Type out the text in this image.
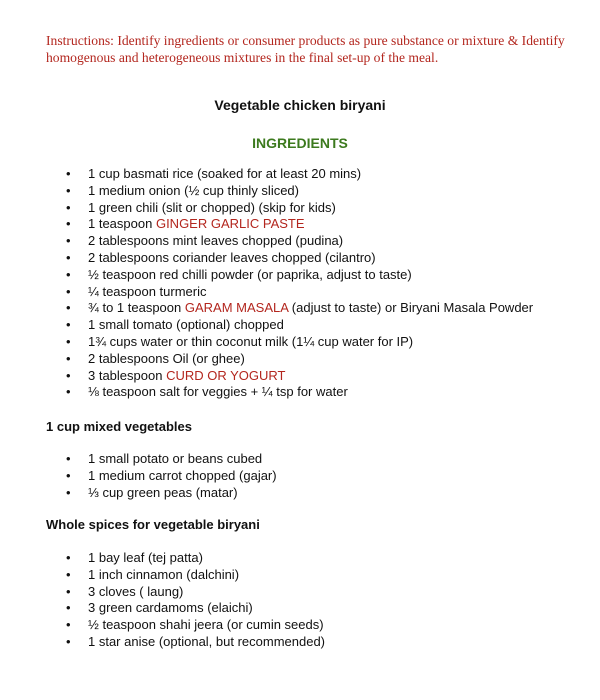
Instructions: Identify ingredients or consumer products as pure substance or mixture & Identify homogenous and heterogeneous mixtures in the final set-up of the meal.
Vegetable chicken biryani
INGREDIENTS
• 1 cup basmati rice (soaked for at least 20 mins)
• 1 medium onion (½ cup thinly sliced)
• 1 green chili (slit or chopped) (skip for kids)
• 1 teaspoon GINGER GARLIC PASTE
• 2 tablespoons mint leaves chopped (pudina)
• 2 tablespoons coriander leaves chopped (cilantro)
• ½ teaspoon red chilli powder (or paprika, adjust to taste)
• ¼ teaspoon turmeric
• ¾ to 1 teaspoon GARAM MASALA (adjust to taste) or Biryani Masala Powder
• 1 small tomato (optional) chopped
• 1¾ cups water or thin coconut milk (1¼ cup water for IP)
• 2 tablespoons Oil (or ghee)
• 3 tablespoon CURD OR YOGURT
• ⅛ teaspoon salt for veggies + ¼ tsp for water
1 cup mixed vegetables
• 1 small potato or beans cubed
• 1 medium carrot chopped (gajar)
• ⅓ cup green peas (matar)
Whole spices for vegetable biryani
• 1 bay leaf (tej patta)
• 1 inch cinnamon (dalchini)
• 3 cloves ( laung)
• 3 green cardamoms (elaichi)
• ½ teaspoon shahi jeera (or cumin seeds)
• 1 star anise (optional, but recommended)
